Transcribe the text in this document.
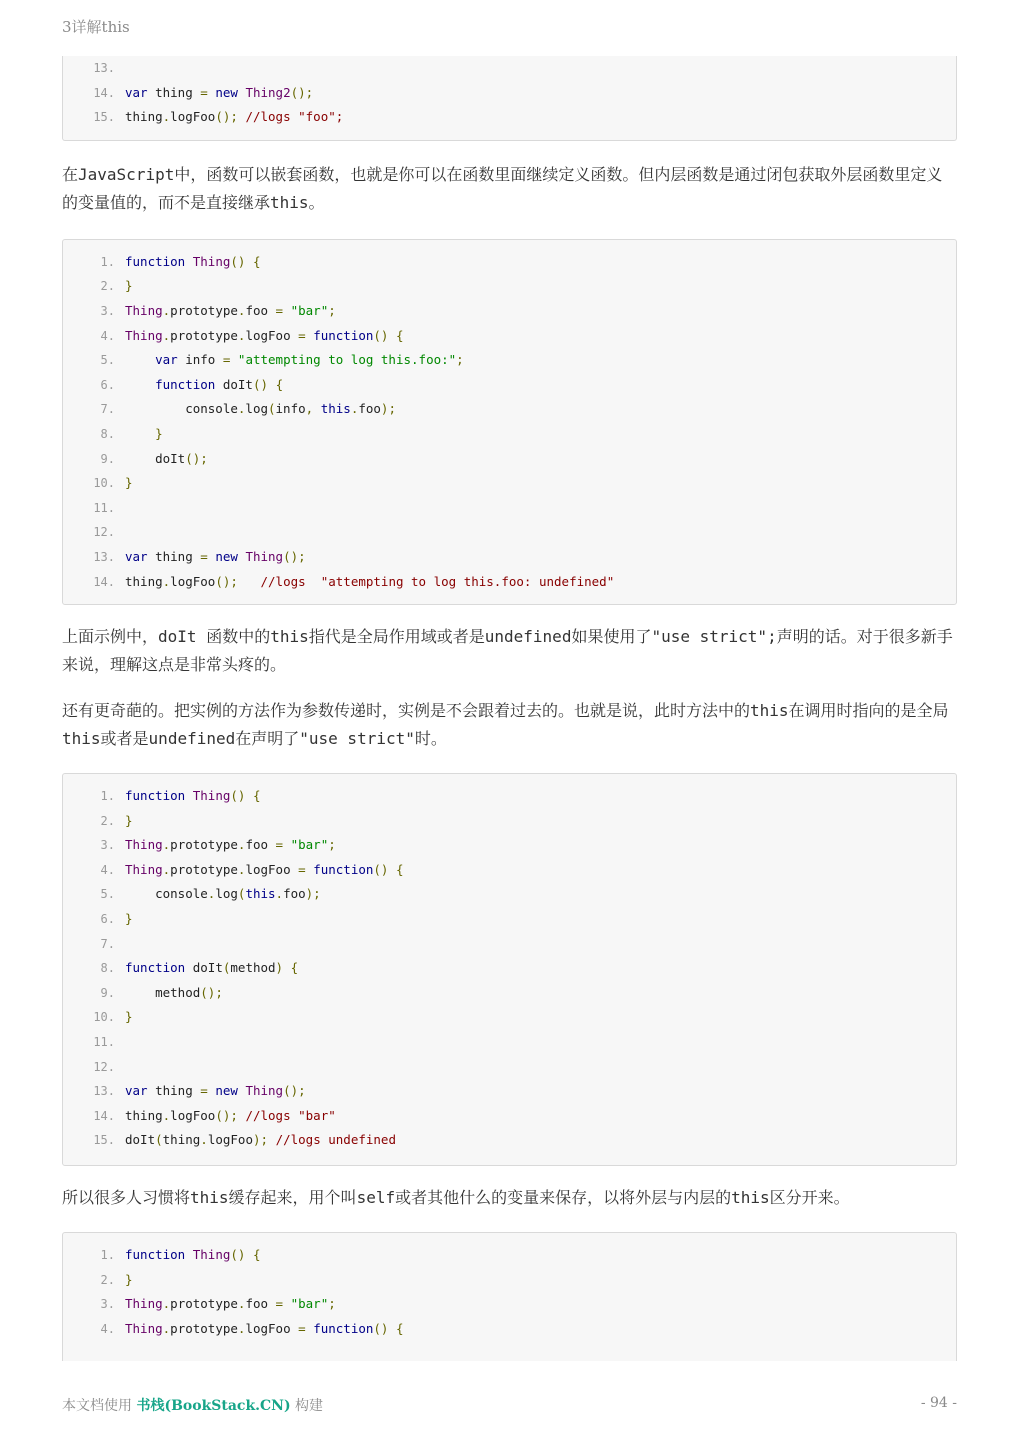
3详解this
13.
14. var thing = new Thing2();
15. thing.logFoo(); //logs "foo";

在JavaScript中，函数可以嵌套函数，也就是你可以在函数里面继续定义函数。但内层函数是通过闭包获取外层函数里定义的变量值的，而不是直接继承this。

1. function Thing() {
2. }
3. Thing.prototype.foo = "bar";
4. Thing.prototype.logFoo = function() {
5.	var info = "attempting to log this.foo:";
6.	function doIt() {
7. console.log(info, this.foo);
8.	}
9. doIt();
10. }
11.
12.
13. var thing = new Thing();
14. thing.logFoo(); //logs  "attempting to log this.foo: undefined"

上面示例中，doIt 函数中的this指代是全局作用域或者是undefined如果使用了"use strict";声明的话。对于很多新手来说，理解这点是非常头疼的。

还有更奇葩的。把实例的方法作为参数传递时，实例是不会跟着过去的。也就是说，此时方法中的this在调用时指向的是全局this或者是undefined在声明了"use strict"时。

1. function Thing() {
2. }
3. Thing.prototype.foo = "bar";
4. Thing.prototype.logFoo = function() {
5. console.log(this.foo);
6. }
7.
8. function doIt(method) {
9. method();
10. }
11.
12.
13. var thing = new Thing();
14. thing.logFoo(); //logs "bar"
15. doIt(thing.logFoo); //logs undefined

所以很多人习惯将this缓存起来，用个叫self或者其他什么的变量来保存，以将外层与内层的this区分开来。

1. function Thing() {
2. }
3. Thing.prototype.foo = "bar";
4. Thing.prototype.logFoo = function() {
本文档使用 书栈(BookStack.CN) 构建	- 94 -
